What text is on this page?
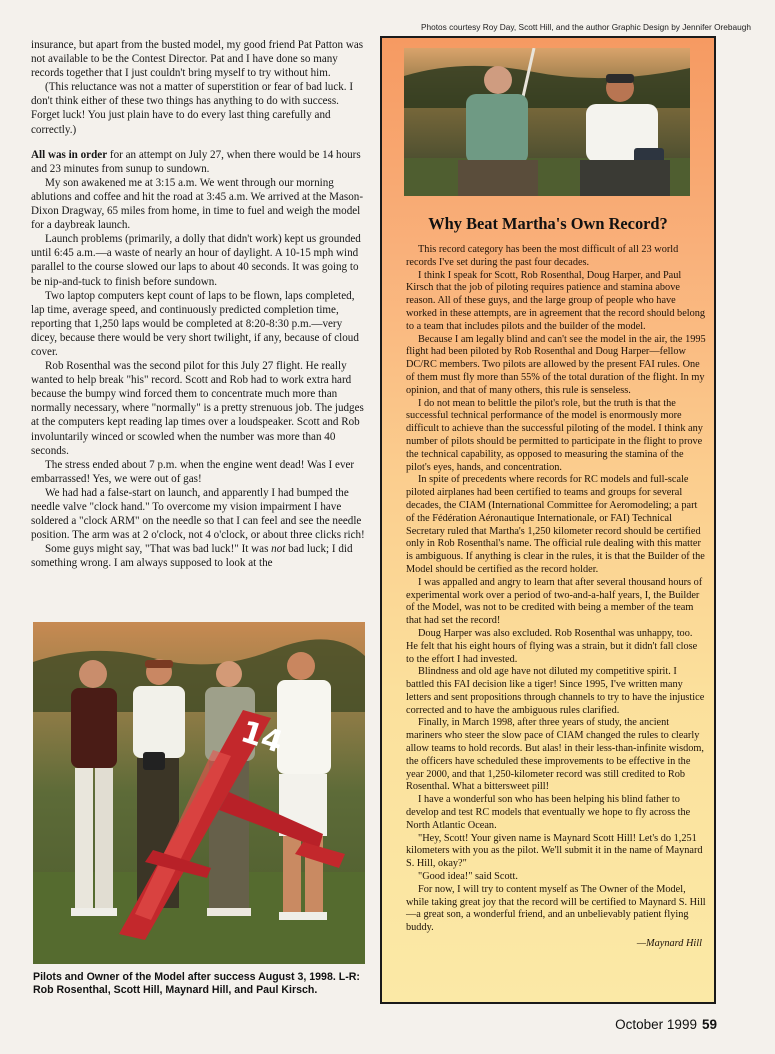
Photos courtesy Roy Day, Scott Hill, and the author Graphic Design by Jennifer Orebaugh

insurance, but apart from the busted model, my good friend Pat Patton was not available to be the Contest Director. Pat and I have done so many records together that I just couldn't bring myself to try without him.

(This reluctance was not a matter of superstition or fear of bad luck. I don't think either of these two things has anything to do with success. Forget luck! You just plain have to do every last thing carefully and correctly.)

All was in order for an attempt on July 27, when there would be 14 hours and 23 minutes from sunup to sundown.

My son awakened me at 3:15 a.m. We went through our morning ablutions and coffee and hit the road at 3:45 a.m. We arrived at the Mason-Dixon Dragway, 65 miles from home, in time to fuel and weigh the model for a daybreak launch.

Launch problems (primarily, a dolly that didn't work) kept us grounded until 6:45 a.m.—a waste of nearly an hour of daylight. A 10-15 mph wind parallel to the course slowed our laps to about 40 seconds. It was going to be nip-and-tuck to finish before sundown.

Two laptop computers kept count of laps to be flown, laps completed, lap time, average speed, and continuously predicted completion time, reporting that 1,250 laps would be completed at 8:20-8:30 p.m.—very dicey, because there would be very short twilight, if any, because of cloud cover.

Rob Rosenthal was the second pilot for this July 27 flight. He really wanted to help break "his" record. Scott and Rob had to work extra hard because the bumpy wind forced them to concentrate much more than normally necessary, where "normally" is a pretty strenuous job. The judges at the computers kept reading lap times over a loudspeaker. Scott and Rob involuntarily winced or scowled when the number was more than 40 seconds.

The stress ended about 7 p.m. when the engine went dead! Was I ever embarrassed! Yes, we were out of gas!

We had had a false-start on launch, and apparently I had bumped the needle valve "clock hand." To overcome my vision impairment I have soldered a "clock ARM" on the needle so that I can feel and see the needle position. The arm was at 2 o'clock, not 4 o'clock, or about three clicks rich!

Some guys might say, "That was bad luck!" It was not bad luck; I did something wrong. I am always supposed to look at the

14
Pilots and Owner of the Model after success August 3, 1998. L-R: Rob Rosenthal, Scott Hill, Maynard Hill, and Paul Kirsch.
Why Beat Martha's Own Record?

This record category has been the most difficult of all 23 world records I've set during the past four decades.

I think I speak for Scott, Rob Rosenthal, Doug Harper, and Paul Kirsch that the job of piloting requires patience and stamina above reason. All of these guys, and the large group of people who have worked in these attempts, are in agreement that the record should belong to a team that includes pilots and the builder of the model.

Because I am legally blind and can't see the model in the air, the 1995 flight had been piloted by Rob Rosenthal and Doug Harper—fellow DC/RC members. Two pilots are allowed by the present FAI rules. One of them must fly more than 55% of the total duration of the flight. In my opinion, and that of many others, this rule is senseless.

I do not mean to belittle the pilot's role, but the truth is that the successful technical performance of the model is enormously more difficult to achieve than the successful piloting of the model. I think any number of pilots should be permitted to participate in the flight to prove the technical capability, as opposed to measuring the stamina of the pilot's eyes, hands, and concentration.

In spite of precedents where records for RC models and full-scale piloted airplanes had been certified to teams and groups for several decades, the CIAM (International Committee for Aeromodeling; a part of the Fédération Aéronautique Internationale, or FAI) Technical Secretary ruled that Martha's 1,250 kilometer record should be certified only in Rob Rosenthal's name. The official rule dealing with this matter is ambiguous. If anything is clear in the rules, it is that the Builder of the Model should be certified as the record holder.

I was appalled and angry to learn that after several thousand hours of experimental work over a period of two-and-a-half years, I, the Builder of the Model, was not to be credited with being a member of the team that had set the record!

Doug Harper was also excluded. Rob Rosenthal was unhappy, too. He felt that his eight hours of flying was a strain, but it didn't fall close to the effort I had invested.

Blindness and old age have not diluted my competitive spirit. I battled this FAI decision like a tiger! Since 1995, I've written many letters and sent propositions through channels to try to have the injustice corrected and to have the ambiguous rules clarified.

Finally, in March 1998, after three years of study, the ancient mariners who steer the slow pace of CIAM changed the rules to clearly allow teams to hold records. But alas! in their less-than-infinite wisdom, the officers have scheduled these improvements to be effective in the year 2000, and that 1,250-kilometer record was still credited to Rob Rosenthal. What a bittersweet pill!

I have a wonderful son who has been helping his blind father to develop and test RC models that eventually we hope to fly across the North Atlantic Ocean.

"Hey, Scott! Your given name is Maynard Scott Hill! Let's do 1,251 kilometers with you as the pilot. We'll submit it in the name of Maynard S. Hill, okay?"

"Good idea!" said Scott.

For now, I will try to content myself as The Owner of the Model, while taking great joy that the record will be certified to Maynard S. Hill—a great son, a wonderful friend, and an unbelievably patient flying buddy.

—Maynard Hill

October 1999 59
